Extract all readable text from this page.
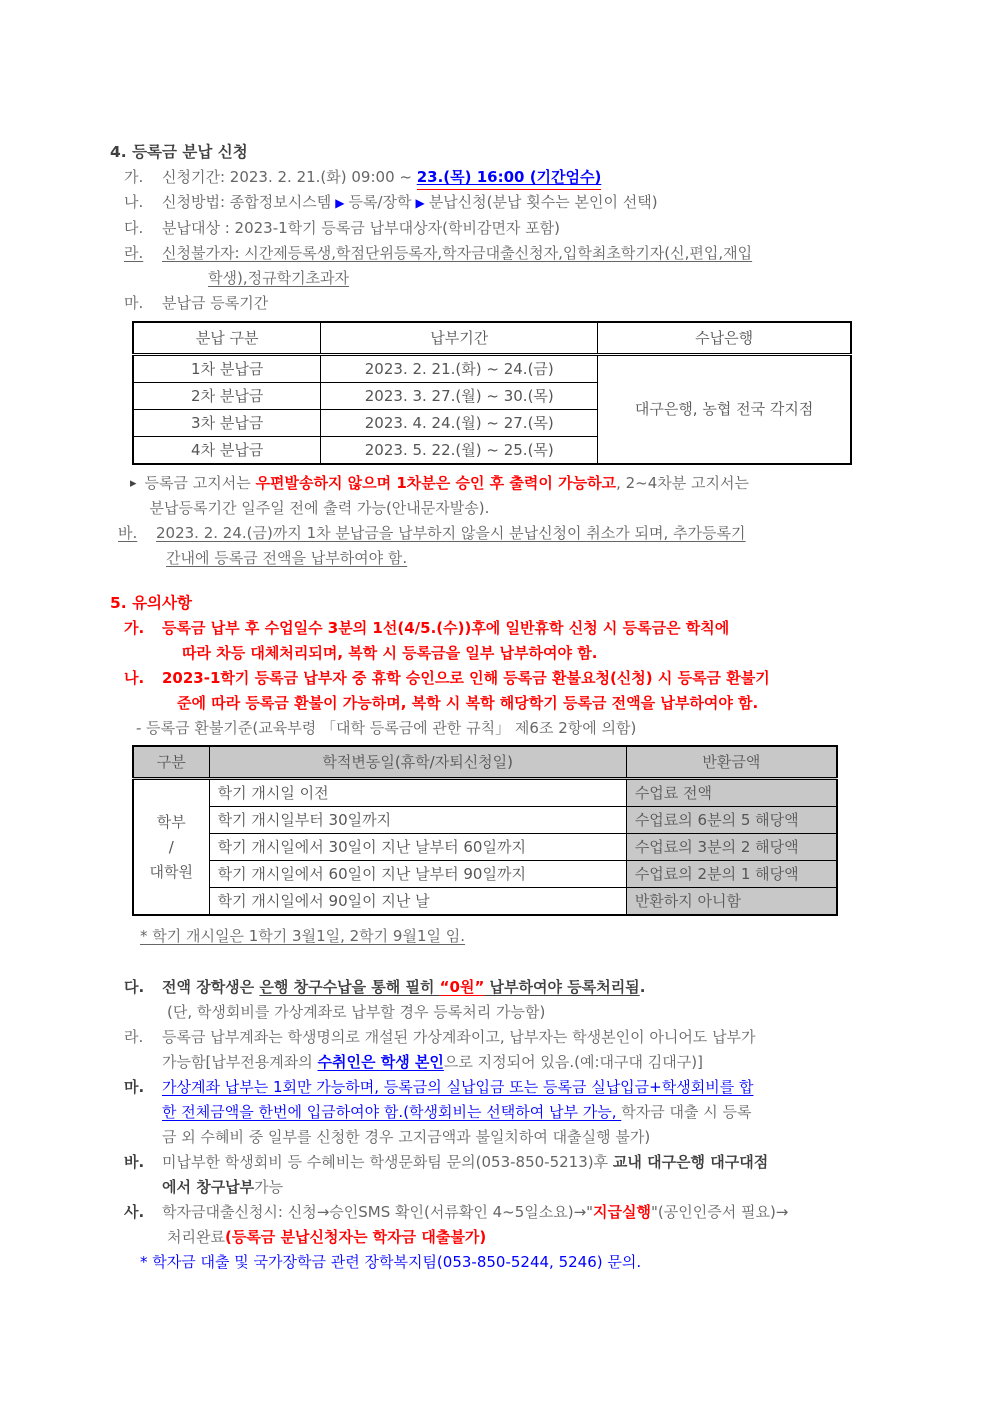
4. 등록금 분납 신청
가.	신청기간: 2023. 2. 21.(화) 09:00 ~ 23.(목) 16:00 (기간엄수)
나.	신청방법: 종합정보시스템 ▶ 등록/장학 ▶ 분납신청(분납 횟수는 본인이 선택)
다.	분납대상 : 2023-1학기 등록금 납부대상자(학비감면자 포함)
라.	신청불가자: 시간제등록생,학점단위등록자,학자금대출신청자,입학최초학기자(신,편입,재입
학생),정규학기초과자
마.	분납금 등록기간
분납 구분	납부기간	수납은행
1차 분납금	2023. 2. 21.(화) ~ 24.(금)	대구은행, 농협 전국 각지점
2차 분납금	2023. 3. 27.(월) ~ 30.(목)	
3차 분납금	2023. 4. 24.(월) ~ 27.(목)	
4차 분납금	2023. 5. 22.(월) ~ 25.(목)	
▸ 등록금 고지서는 우편발송하지 않으며 1차분은 승인 후 출력이 가능하고, 2~4차분 고지서는
분납등록기간 일주일 전에 출력 가능(안내문자발송).
바.	2023. 2. 24.(금)까지 1차 분납금을 납부하지 않을시 분납신청이 취소가 되며, 추가등록기
간내에 등록금 전액을 납부하여야 함.
5. 유의사항
가.	등록금 납부 후 수업일수 3분의 1선(4/5.(수))후에 일반휴학 신청 시 등록금은 학칙에
따라 차등 대체처리되며, 복학 시 등록금을 일부 납부하여야 함.
나.	2023-1학기 등록금 납부자 중 휴학 승인으로 인해 등록금 환불요청(신청) 시 등록금 환불기
준에 따라 등록금 환불이 가능하며, 복학 시 복학 해당학기 등록금 전액을 납부하여야 함.
- 등록금 환불기준(교육부령 「대학 등록금에 관한 규칙」 제6조 2항에 의함)
구분	학적변동일(휴학/자퇴신청일)	반환금액

학부
/
대학원	학기 개시일 이전	수업료 전액
	학기 개시일부터 30일까지	수업료의 6분의 5 해당액
	학기 개시일에서 30일이 지난 날부터 60일까지	수업료의 3분의 2 해당액
	학기 개시일에서 60일이 지난 날부터 90일까지	수업료의 2분의 1 해당액
	학기 개시일에서 90일이 지난 날	반환하지 아니함
* 학기 개시일은 1학기 3월1일, 2학기 9월1일 임.
다.	전액 장학생은 은행 창구수납을 통해 필히 “0원” 납부하여야 등록처리됨.
(단, 학생회비를 가상계좌로 납부할 경우 등록처리 가능함)
라.	등록금 납부계좌는 학생명의로 개설된 가상계좌이고, 납부자는 학생본인이 아니어도 납부가
가능함[납부전용계좌의 수취인은 학생 본인으로 지정되어 있음.(예:대구대 김대구)]
마.	가상계좌 납부는 1회만 가능하며, 등록금의 실납입금 또는 등록금 실납입금+학생회비를 합
한 전체금액을 한번에 입금하여야 함.(학생회비는 선택하여 납부 가능, 학자금 대출 시 등록
금 외 수혜비 중 일부를 신청한 경우 고지금액과 불일치하여 대출실행 불가)
바.	미납부한 학생회비 등 수혜비는 학생문화팀 문의(053-850-5213)후 교내 대구은행 대구대점
에서 창구납부가능
사.	학자금대출신청시: 신청→승인SMS 확인(서류확인 4~5일소요)→"지급실행"(공인인증서 필요)→
처리완료(등록금 분납신청자는 학자금 대출불가)
* 학자금 대출 및 국가장학금 관련 장학복지팀(053-850-5244, 5246) 문의.
